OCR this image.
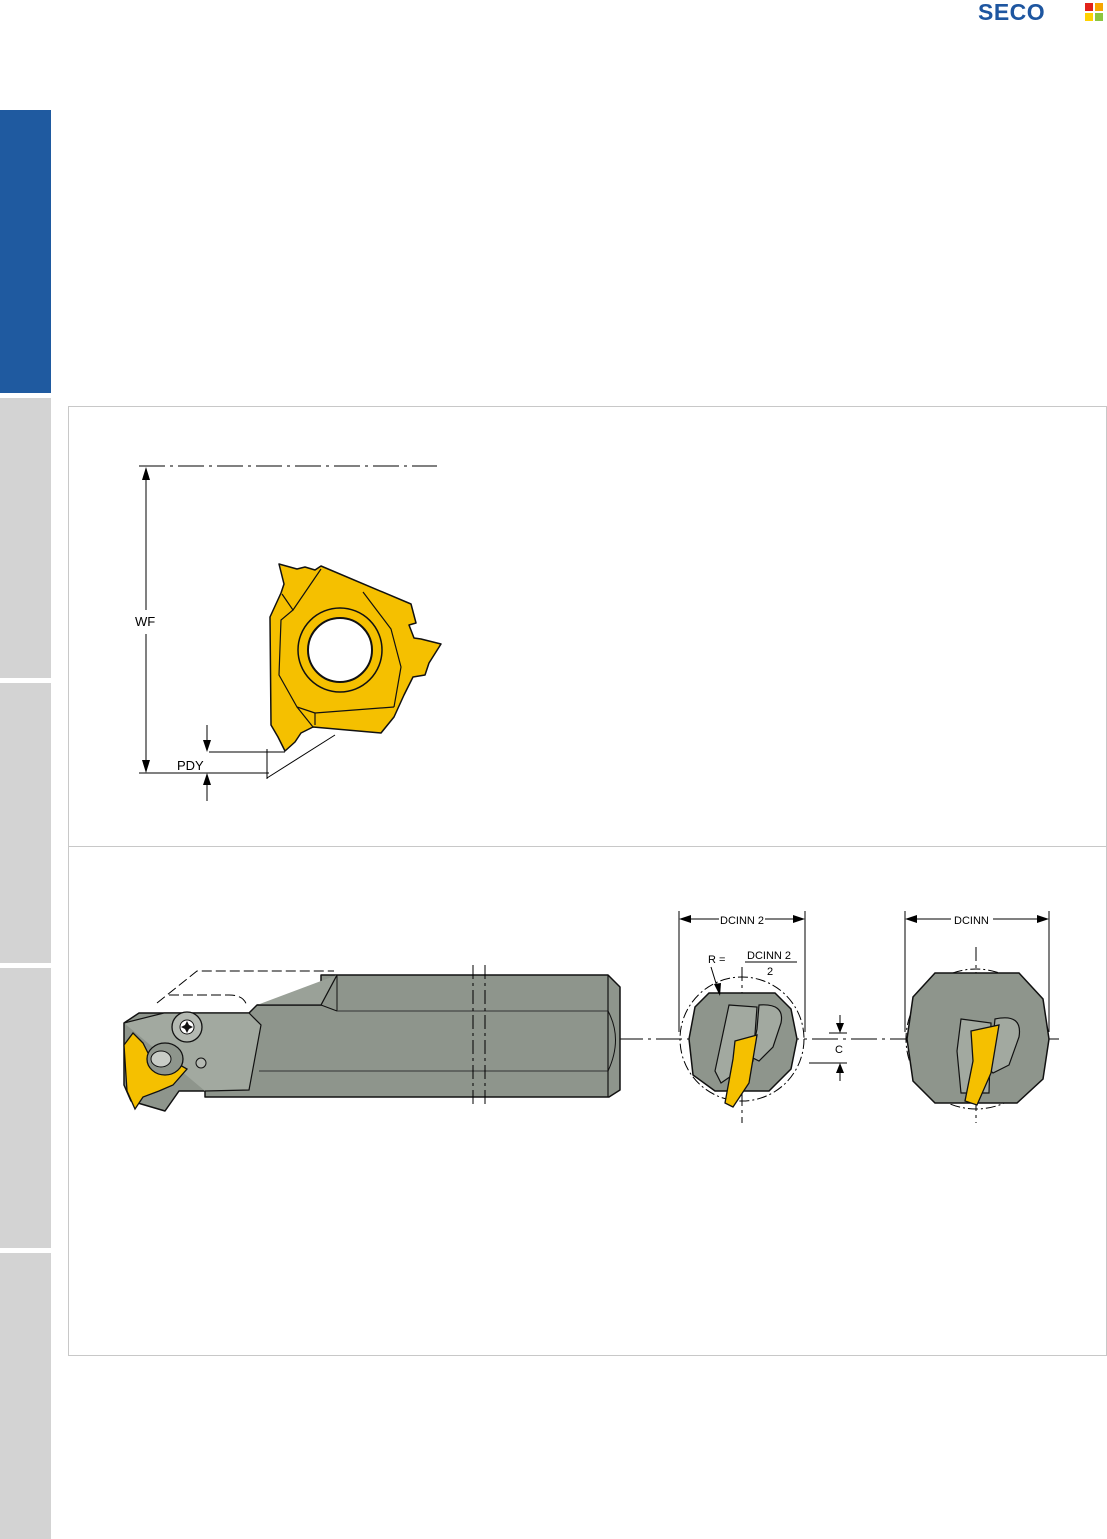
SECO
WF
PDY
DCINN 2
R = DCINN 2
2
C
DCINN
